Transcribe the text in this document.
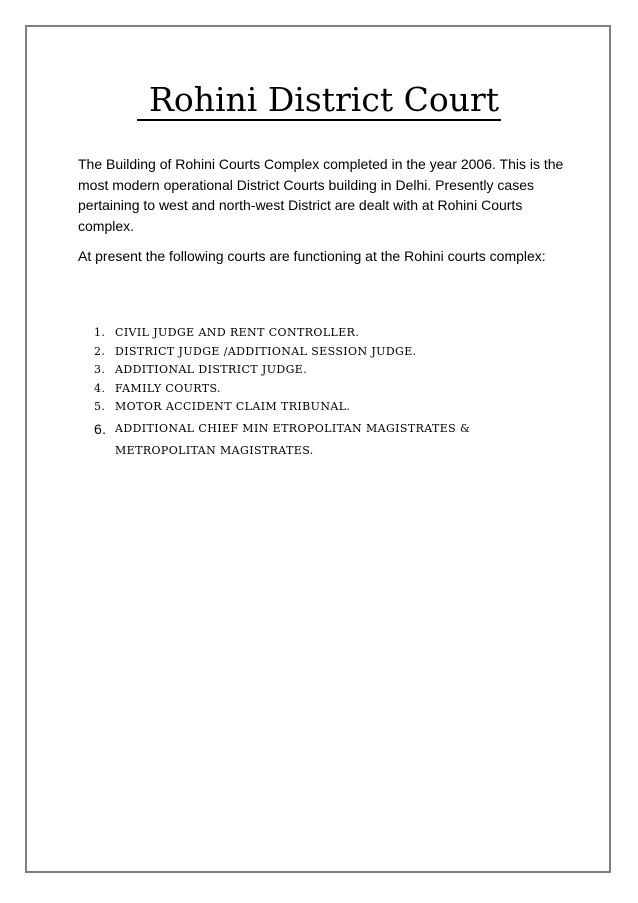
Rohini District Court

The Building of Rohini Courts Complex completed in the year 2006. This is the most modern operational District Courts building in Delhi. Presently cases pertaining to west and north-west District are dealt with at Rohini Courts complex.

At present the following courts are functioning at the Rohini courts complex:

1. CIVIL JUDGE AND RENT CONTROLLER.
2. DISTRICT JUDGE /ADDITIONAL SESSION JUDGE.
3. ADDITIONAL DISTRICT JUDGE.
4. FAMILY COURTS.
5. MOTOR ACCIDENT CLAIM TRIBUNAL.
6. ADDITIONAL CHIEF MIN ETROPOLITAN MAGISTRATES & METROPOLITAN MAGISTRATES.
